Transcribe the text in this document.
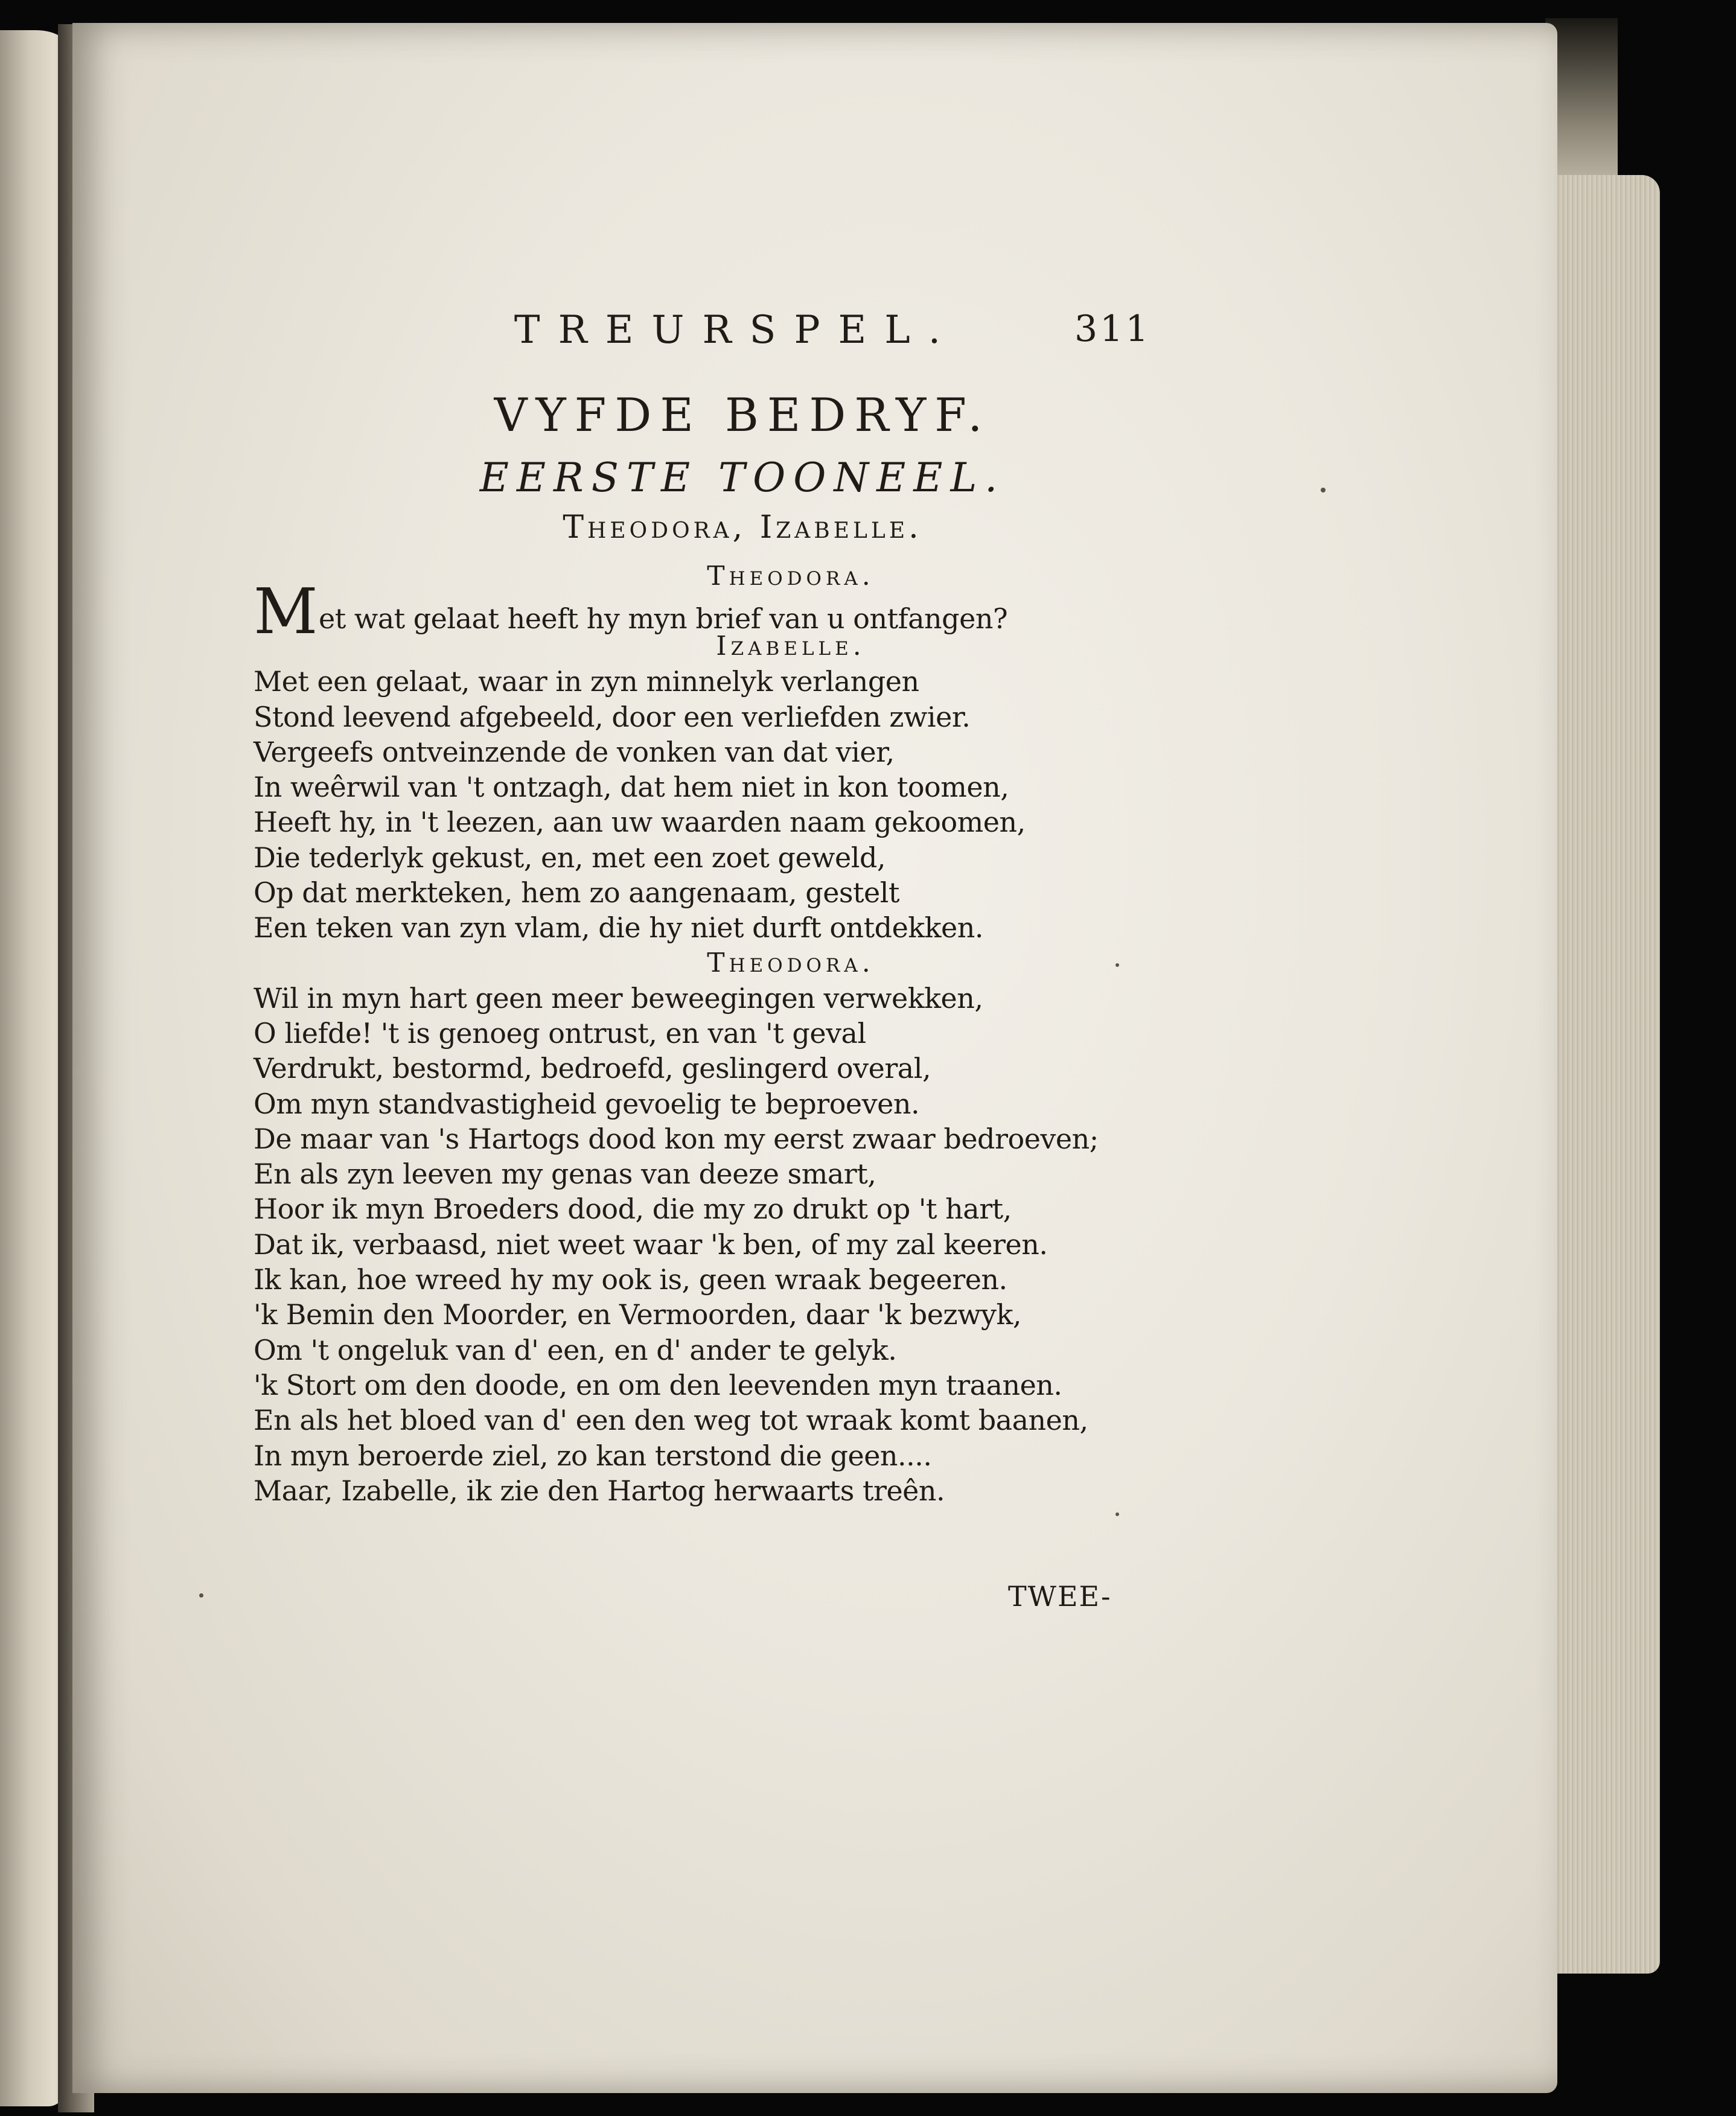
TREURSPEL.	311
VYFDE BEDRYF.
EERSTE TOONEEL.
Theodora, Izabelle.
Theodora.
Met wat gelaat heeft hy myn brief van u ontfangen?
Izabelle.
Met een gelaat, waar in zyn minnelyk verlangen
Stond leevend afgebeeld, door een verliefden zwier.
Vergeefs ontveinzende de vonken van dat vier,
In weêrwil van 't ontzagh, dat hem niet in kon toomen,
Heeft hy, in 't leezen, aan uw waarden naam gekoomen,
Die tederlyk gekust, en, met een zoet geweld,
Op dat merkteken, hem zo aangenaam, gestelt
Een teken van zyn vlam, die hy niet durft ontdekken.
Theodora.
Wil in myn hart geen meer beweegingen verwekken,
O liefde! 't is genoeg ontrust, en van 't geval
Verdrukt, bestormd, bedroefd, geslingerd overal,
Om myn standvastigheid gevoelig te beproeven.
De maar van 's Hartogs dood kon my eerst zwaar bedroeven;
En als zyn leeven my genas van deeze smart,
Hoor ik myn Broeders dood, die my zo drukt op 't hart,
Dat ik, verbaasd, niet weet waar 'k ben, of my zal keeren.
Ik kan, hoe wreed hy my ook is, geen wraak begeeren.
'k Bemin den Moorder, en Vermoorden, daar 'k bezwyk,
Om 't ongeluk van d' een, en d' ander te gelyk.
'k Stort om den doode, en om den leevenden myn traanen.
En als het bloed van d' een den weg tot wraak komt baanen,
In myn beroerde ziel, zo kan terstond die geen....
Maar, Izabelle, ik zie den Hartog herwaarts treên.
TWEE-
